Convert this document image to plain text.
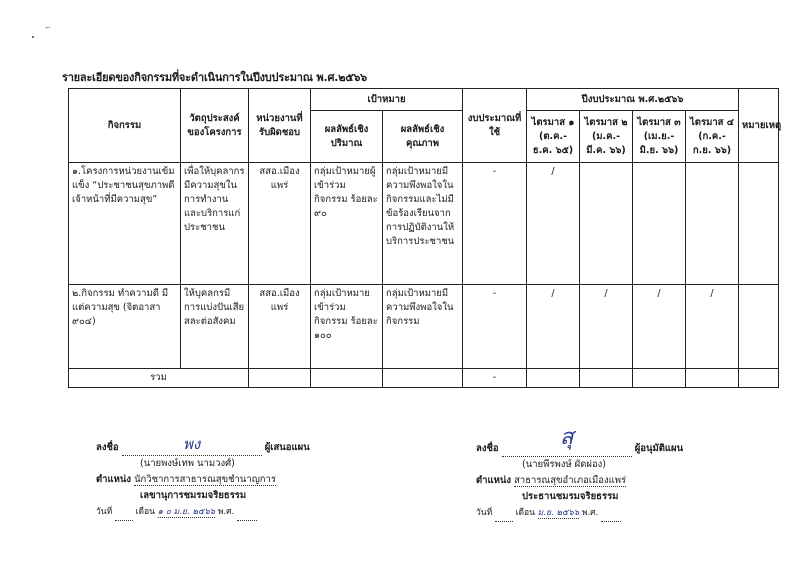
⌐
รายละเอียดของกิจกรรมที่จะดำเนินการในปีงบประมาณ พ.ศ.๒๕๖๖
กิจกรรม	วัตถุประสงค์ของโครงการ	หน่วยงานที่รับผิดชอบ	เป้าหมาย		งบประมาณที่ใช้	ปีงบประมาณ พ.ศ.๒๕๖๖				หมายเหตุ
			ผลลัพธ์เชิงปริมาณ	ผลลัพธ์เชิงคุณภาพ		ไตรมาส ๑ (ต.ค.-ธ.ค. ๖๕)	ไตรมาส ๒ (ม.ค.-มี.ค. ๖๖)	ไตรมาส ๓ (เม.ย.-มิ.ย. ๖๖)	ไตรมาส ๔ (ก.ค.-ก.ย. ๖๖)	
๑.โครงการหน่วยงานเข้มแข็ง “ประชาชนสุขภาพดี เจ้าหน้าที่มีความสุข”	เพื่อให้บุคลากรมีความสุขในการทำงานและบริการแก่ประชาชน	สสอ.เมืองแพร่	กลุ่มเป้าหมายผู้เข้าร่วมกิจกรรม ร้อยละ ๙๐	กลุ่มเป้าหมายมีความพึงพอใจในกิจกรรมและไม่มีข้อร้องเรียนจากการปฏิบัติงานให้บริการประชาชน	-	/				
๒.กิจกรรม ทำความดี มีแต่ความสุข (จิตอาสา ๙๐๔)	ให้บุคลกรมีการแบ่งปันเสียสละต่อสังคม	สสอ.เมืองแพร่	กลุ่มเป้าหมายเข้าร่วมกิจกรรม ร้อยละ ๑๐๐	กลุ่มเป้าหมายมีความพึงพอใจในกิจกรรม	-	/	/	/	/	
รวม					-					
ลงชื่อ	พง	ผู้เสนอแผน
(นายพงษ์เทพ นามวงศ์)
ตำแหน่ง นักวิชาการสาธารณสุขชำนาญการ
เลขานุการชมรมจริยธรรม
วันที่	เดือน ๑ ๐ ม.ย. ๒๕๖๖ พ.ศ.
ลงชื่อ	สุ	ผู้อนุมัติแผน
(นายพีรพงษ์ ผัดผ่อง)
ตำแหน่ง สาธารณสุขอำเภอเมืองแพร่
ประธานชมรมจริยธรรม
วันที่	เดือน ม.ย. ๒๕๖๖ พ.ศ.
